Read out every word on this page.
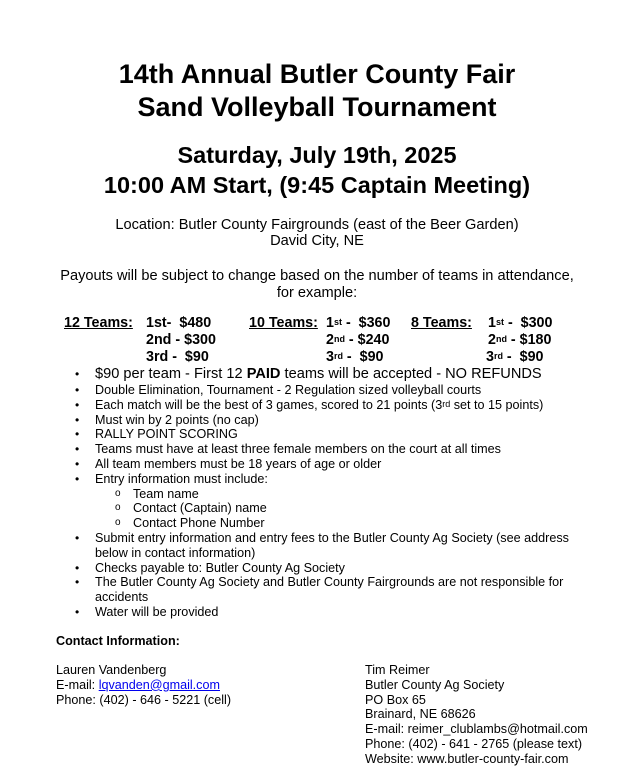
14th Annual Butler County Fair
Sand Volleyball Tournament
Saturday, July 19th, 2025
10:00 AM Start, (9:45 Captain Meeting)
Location: Butler County Fairgrounds (east of the Beer Garden)
David City, NE
Payouts will be subject to change based on the number of teams in attendance,
for example:
12 Teams: 1st-  $480
2nd - $300
3rd -  $90
10 Teams: 1st -  $360
2nd - $240
3rd -  $90
8 Teams: 1st -  $300
2nd - $180
3rd -  $90
• $90 per team - First 12 PAID teams will be accepted - NO REFUNDS
• Double Elimination, Tournament - 2 Regulation sized volleyball courts
• Each match will be the best of 3 games, scored to 21 points (3rd set to 15 points)
• Must win by 2 points (no cap)
• RALLY POINT SCORING
• Teams must have at least three female members on the court at all times
• All team members must be 18 years of age or older
• Entry information must include:
o Team name
o Contact (Captain) name
o Contact Phone Number
• Submit entry information and entry fees to the Butler County Ag Society (see address below in contact information)
• Checks payable to: Butler County Ag Society
• The Butler County Ag Society and Butler County Fairgrounds are not responsible for accidents
• Water will be provided
Contact Information:
Lauren Vandenberg
E-mail: lqvanden@gmail.com
Phone: (402) - 646 - 5221 (cell)
Tim Reimer
Butler County Ag Society
PO Box 65
Brainard, NE 68626
E-mail: reimer_clublambs@hotmail.com
Phone: (402) - 641 - 2765 (please text)
Website: www.butler-county-fair.com
